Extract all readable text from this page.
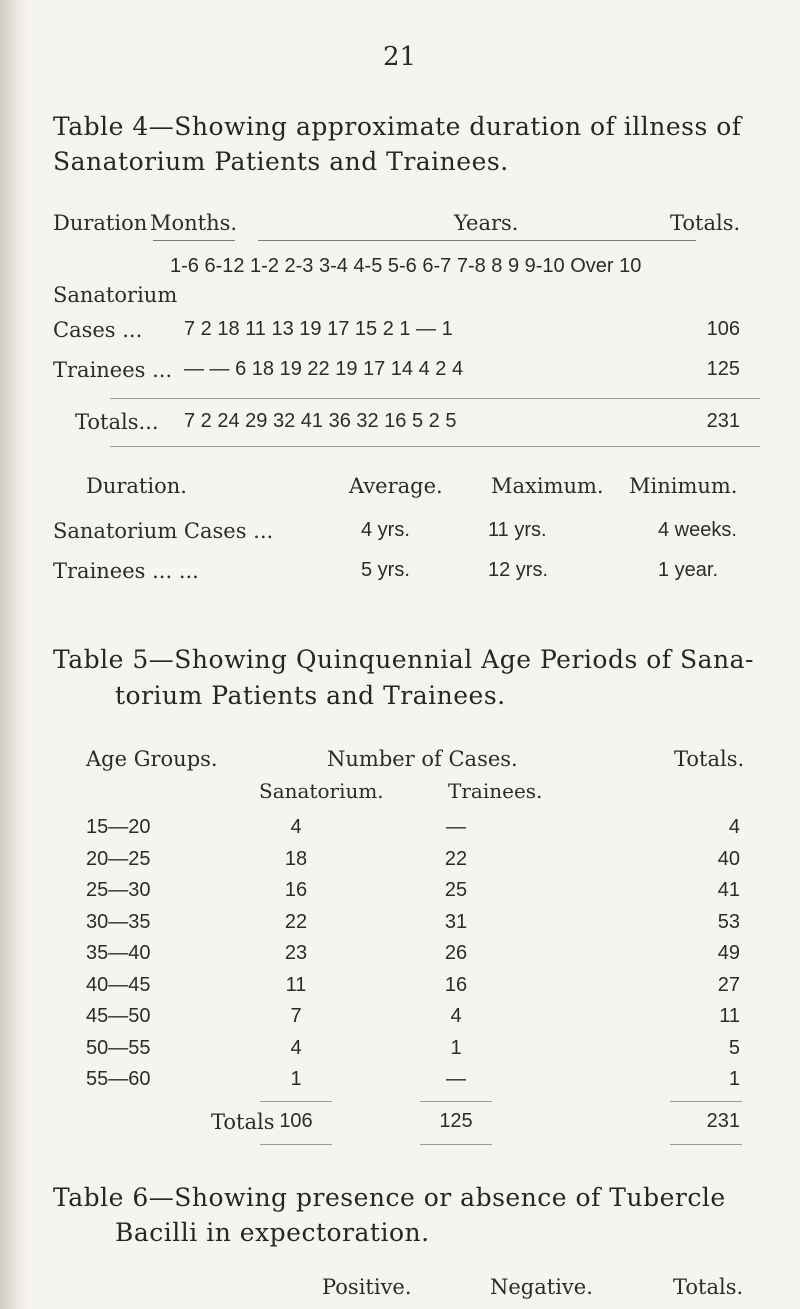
21
Table 4—Showing approximate duration of illness of
Sanatorium Patients and Trainees.
Duration Months.	Years.	Totals.
1-6 6-12 1-2 2-3 3-4 4-5 5-6 6-7 7-8 8 9 9-10 Over 10
Sanatorium
Cases ... 7 2 18 11 13 19 17 15 2 1 — 1	106
Trainees ... — — 6 18 19 22 19 17 14 4 2 4	125
Totals... 7 2 24 29 32 41 36 32 16 5 2 5	231
Duration.	Average. Maximum. Minimum.
Sanatorium Cases ...	4 yrs.	11 yrs.	4 weeks.
Trainees ... ...	5 yrs.	12 yrs.	1 year.
Table 5—Showing Quinquennial Age Periods of Sana-
torium Patients and Trainees.
Age Groups.	Number of Cases.	Totals.
Sanatorium.	Trainees.
15—20	4	—	4
20—25	18	22	40
25—30	16	25	41
30—35	22	31	53
35—40	23	26	49
40—45	11	16	27
45—50	7	4	11
50—55	4	1	5
55—60	1	—	1
Totals 106	125	231
Table 6—Showing presence or absence of Tubercle
Bacilli in expectoration.
Positive.	Negative.	Totals.
